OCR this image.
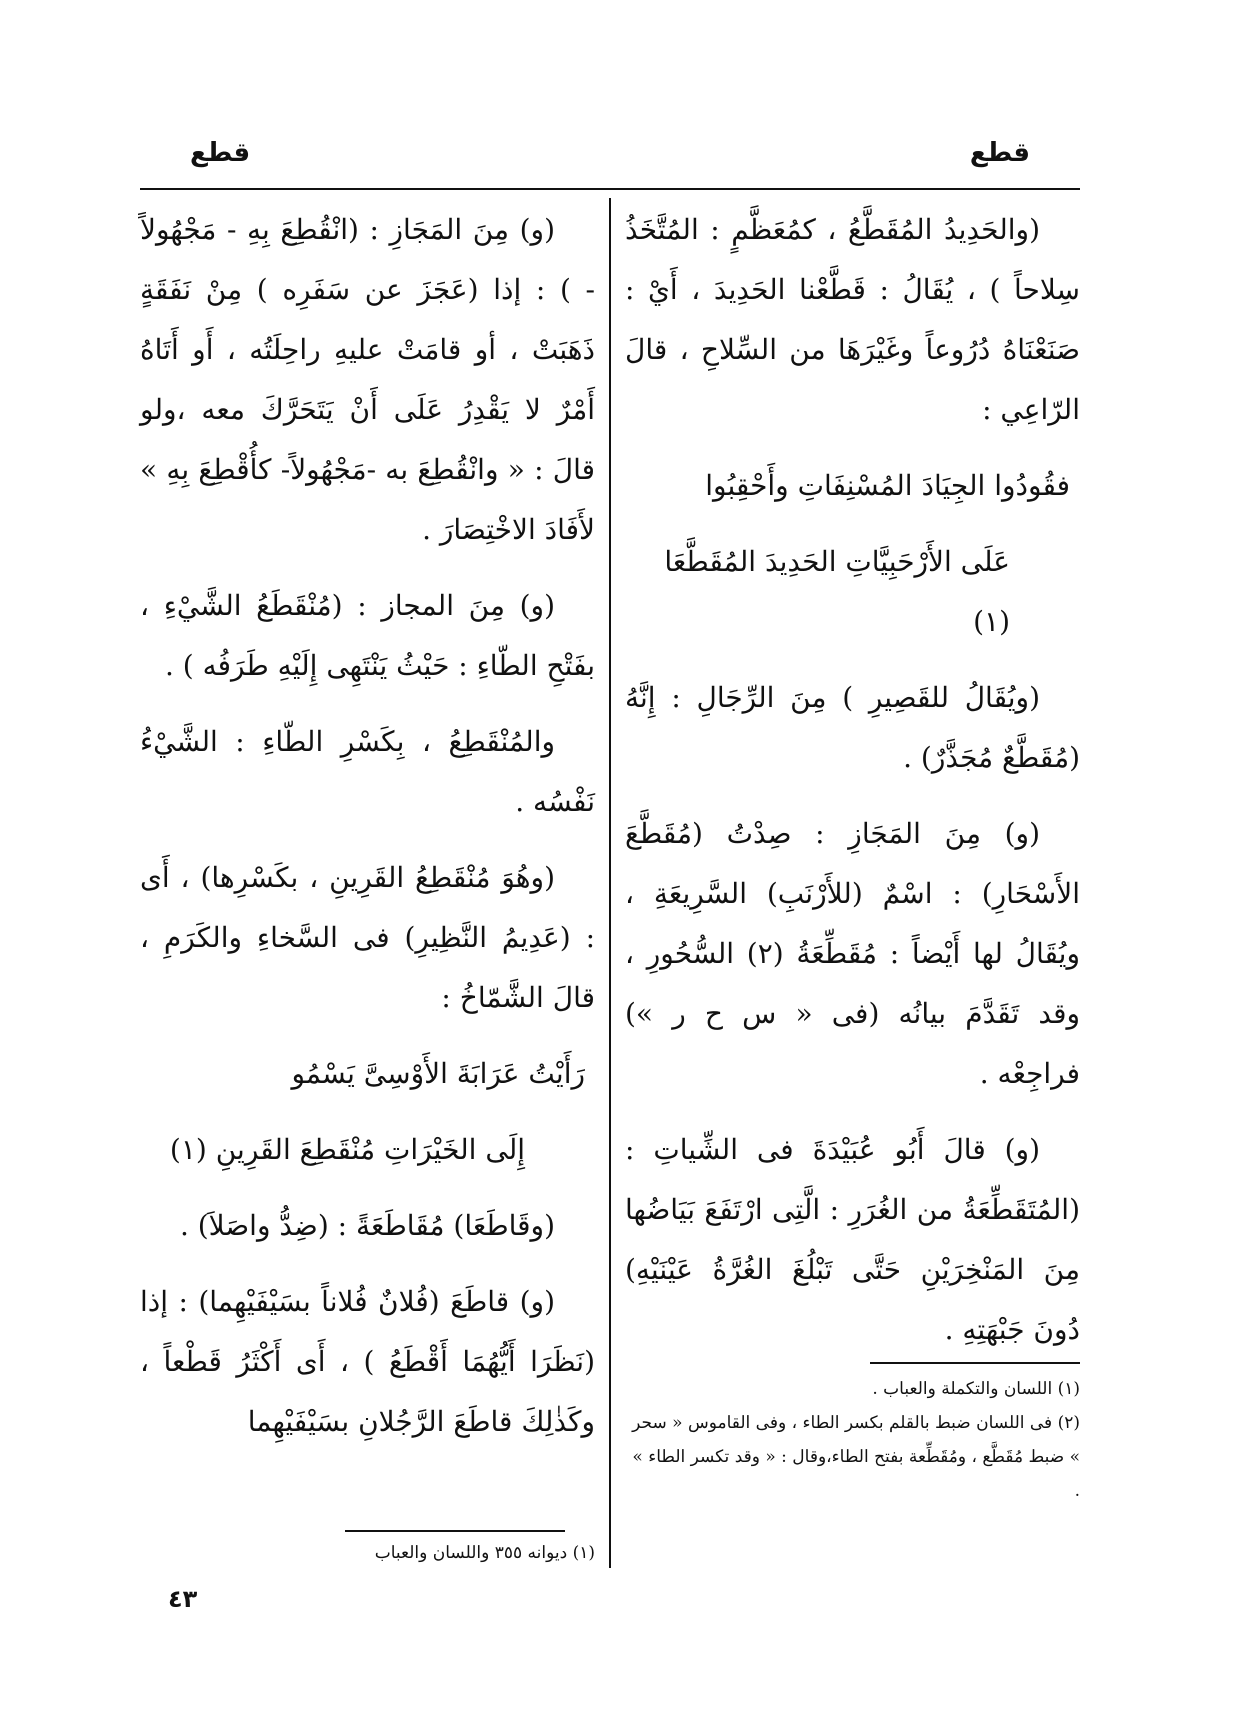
قطع
قطع

(والحَدِيدُ المُقَطَّعُ ، كمُعَظَّمٍ : المُتَّخَذُ سِلاحاً ) ، يُقَالُ : قَطَّعْنا الحَدِيدَ ، أَيْ : صَنَعْنَاهُ دُرُوعاً وغَيْرَهَا من السِّلاحِ ، قالَ الرّاعِي :

فقُودُوا الجِيَادَ المُسْنِفَاتِ وأَحْقِبُوا

عَلَى الأَرْحَبِيَّاتِ الحَدِيدَ المُقَطَّعَا (١)

(ويُقَالُ للقَصِيرِ ) مِنَ الرِّجَالِ : إِنَّهُ (مُقَطَّعٌ مُجَذَّرٌ) .

(و) مِنَ المَجَازِ : صِدْتُ (مُقَطَّعَ الأَسْحَارِ) : اسْمٌ (للأَرْنَبِ) السَّرِيعَةِ ، ويُقَالُ لها أَيْضاً : مُقَطِّعَةُ (٢) السُّحُورِ ، وقد تَقَدَّمَ بيانُه (فى « س ح ر ») فراجِعْه .

(و) قالَ أَبُو عُبَيْدَةَ فى الشِّياتِ : (المُتَقَطِّعَةُ من الغُرَرِ : الَّتِى ارْتَفَعَ بَيَاضُها مِنَ المَنْخِرَيْنِ حَتَّى تَبْلُغَ الغُرَّةُ عَيْنَيْهِ) دُونَ جَبْهَتِهِ .

(١) اللسان والتكملة والعباب .

(٢) فى اللسان ضبط بالقلم بكسر الطاء ، وفى القاموس « سحر » ضبط مُقَطَّع ، ومُقَطِّعة بفتح الطاء،وقال : « وقد تكسر الطاء » .

(و) مِنَ المَجَازِ : (انْقُطِعَ بِهِ - مَجْهُولاً - ) : إذا (عَجَزَ عن سَفَرِه ) مِنْ نَفَقَةٍ ذَهَبَتْ ، أو قامَتْ عليهِ راحِلَتُه ، أَو أَتَاهُ أَمْرٌ لا يَقْدِرُ عَلَى أَنْ يَتَحَرَّكَ معه ،ولو قالَ : « وانْقُطِعَ به -مَجْهُولاً- كأُقْطِعَ بِهِ » لأَفَادَ الاخْتِصَارَ .

(و) مِنَ المجاز : (مُنْقَطَعُ الشَّيْءِ ، بفَتْحِ الطّاءِ : حَيْثُ يَنْتَهِى إِلَيْهِ طَرَفُه ) .

والمُنْقَطِعُ ، بِكَسْرِ الطّاءِ : الشَّيْءُ نَفْسُه .

(وهُوَ مُنْقَطِعُ القَرِينِ ، بكَسْرِها) ، أَى : (عَدِيمُ النَّظِيرِ) فى السَّخاءِ والكَرَمِ ، قالَ الشَّمّاخُ :

رَأَيْتُ عَرَابَةَ الأَوْسِىَّ يَسْمُو

إِلَى الخَيْرَاتِ مُنْقَطِعَ القَرِينِ (١)

(وقَاطَعَا) مُقَاطَعَةً : (ضِدُّ واصَلاَ) .

(و) قاطَعَ (فُلانٌ فُلاناً بسَيْفَيْهِما) : إذا (نَظَرَا أَيُّهُمَا أَقْطَعُ ) ، أَى أَكْثَرُ قَطْعاً ، وكَذٰلِكَ قاطَعَ الرَّجُلانِ بسَيْفَيْهِما

(١) ديوانه ٣٥٥ واللسان والعباب

٤٣
